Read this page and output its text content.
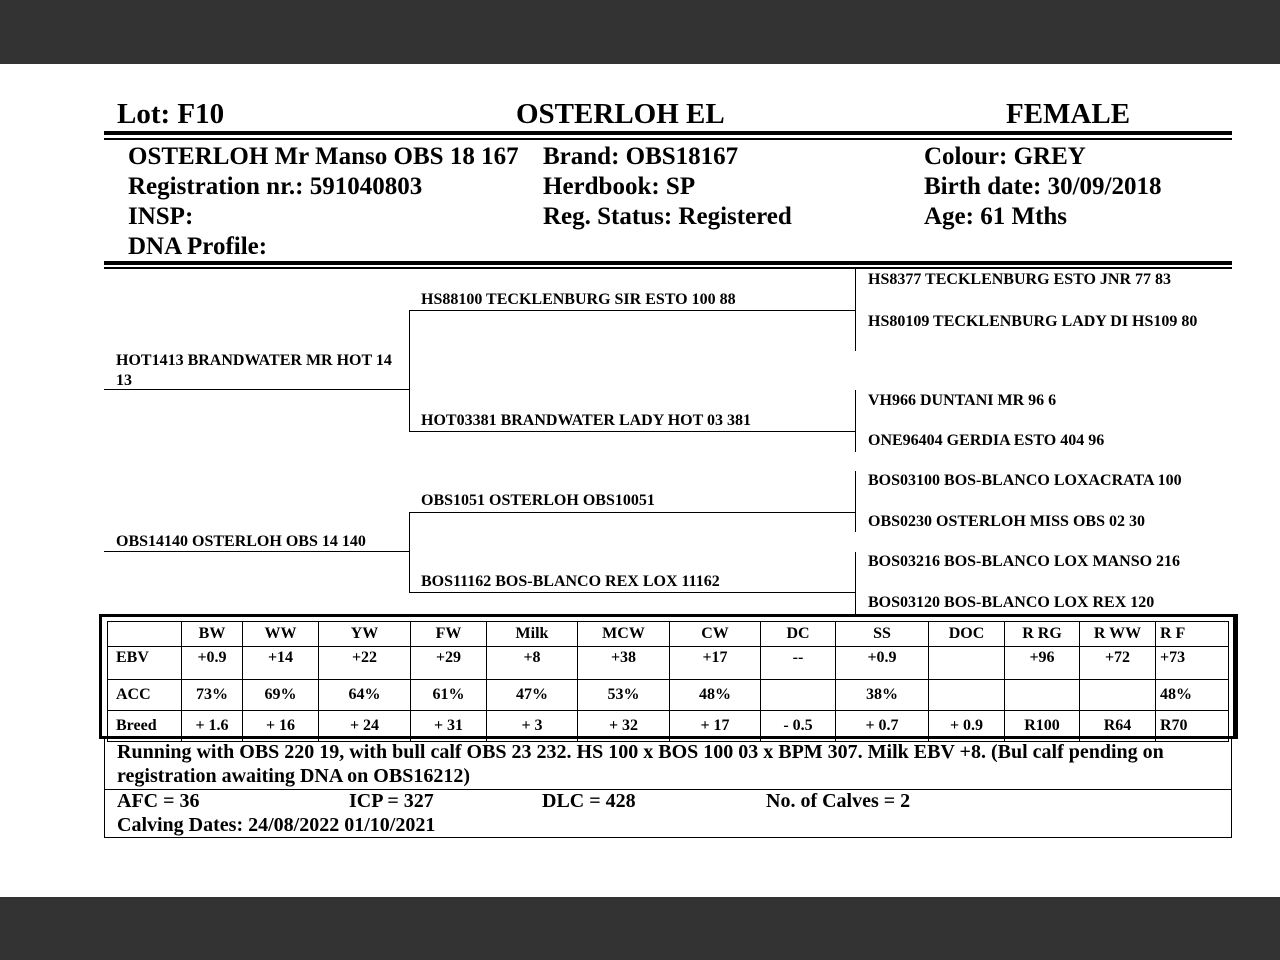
Lot: F10	OSTERLOH EL	FEMALE
OSTERLOH Mr Manso OBS 18 167
Registration nr.: 591040803
INSP:
DNA Profile:
Brand: OBS18167
Herdbook: SP
Reg. Status: Registered
Colour: GREY
Birth date: 30/09/2018
Age: 61 Mths
HOT1413 BRANDWATER MR HOT 14 13
OBS14140 OSTERLOH OBS 14 140
HS88100 TECKLENBURG SIR ESTO 100 88
HOT03381 BRANDWATER LADY HOT 03 381
OBS1051 OSTERLOH OBS10051
BOS11162 BOS-BLANCO REX LOX 11162
HS8377 TECKLENBURG ESTO JNR 77 83
HS80109 TECKLENBURG LADY DI HS109 80
VH966 DUNTANI MR 96 6
ONE96404 GERDIA ESTO 404 96
BOS03100 BOS-BLANCO LOXACRATA 100
OBS0230 OSTERLOH MISS OBS 02 30
BOS03216 BOS-BLANCO LOX MANSO 216
BOS03120 BOS-BLANCO LOX REX 120
	BW	WW	YW	FW	Milk	MCW	CW	DC	SS	DOC	R RG	R WW	R F
EBV	+0.9	+14	+22	+29	+8	+38	+17	--	+0.9		+96	+72	+73
ACC	73%	69%	64%	61%	47%	53%	48%		38%				48%
Breed	+ 1.6	+ 16	+ 24	+ 31	+ 3	+ 32	+ 17	- 0.5	+ 0.7	+ 0.9	R100	R64	R70
Running with OBS 220 19, with bull calf OBS 23 232. HS 100 x BOS 100 03 x BPM 307. Milk EBV +8. (Bul calf pending on registration awaiting DNA on OBS16212)
AFC = 36	ICP = 327	DLC = 428	No. of Calves = 2
Calving Dates: 24/08/2022 01/10/2021
